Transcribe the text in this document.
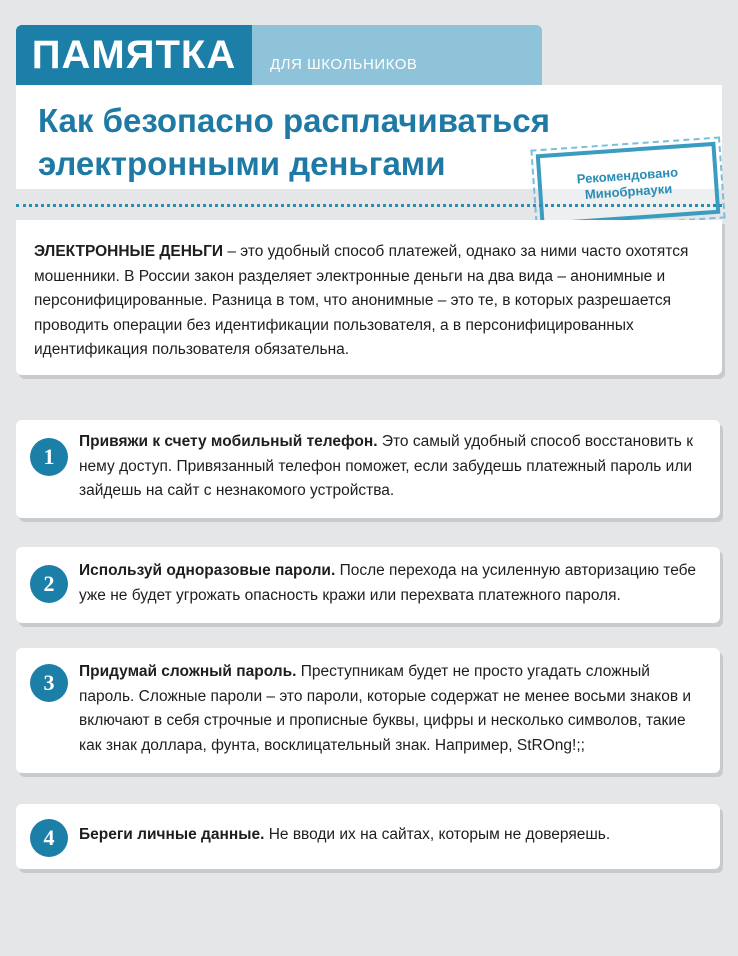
ПАМЯТКА	ДЛЯ ШКОЛЬНИКОВ
Как безопасно расплачиваться
электронными деньгами	Рекомендовано
Минобрнауки
ЭЛЕКТРОННЫЕ ДЕНЬГИ – это удобный способ платежей, однако за ними часто охотятся мошенники. В России закон разделяет электронные деньги на два вида – анонимные и персонифицированные. Разница в том, что анонимные – это те, в которых разрешается проводить операции без идентификации пользователя, а в персонифицированных идентификация пользователя обязательна.
1
Привяжи к счету мобильный телефон. Это самый удобный способ восстановить к нему доступ. Привязанный телефон поможет, если забудешь платежный пароль или зайдешь на сайт с незнакомого устройства.
2
Используй одноразовые пароли. После перехода на усиленную авторизацию тебе уже не будет угрожать опасность кражи или перехвата платежного пароля.
3	Придумай сложный пароль. Преступникам будет не просто угадать сложный пароль. Сложные пароли – это пароли, которые содержат не менее восьми знаков и включают в себя строчные и прописные буквы, цифры и несколько символов, такие как знак доллара, фунта, восклицательный знак. Например, StROng!;;
4	Береги личные данные. Не вводи их на сайтах, которым не доверяешь.
